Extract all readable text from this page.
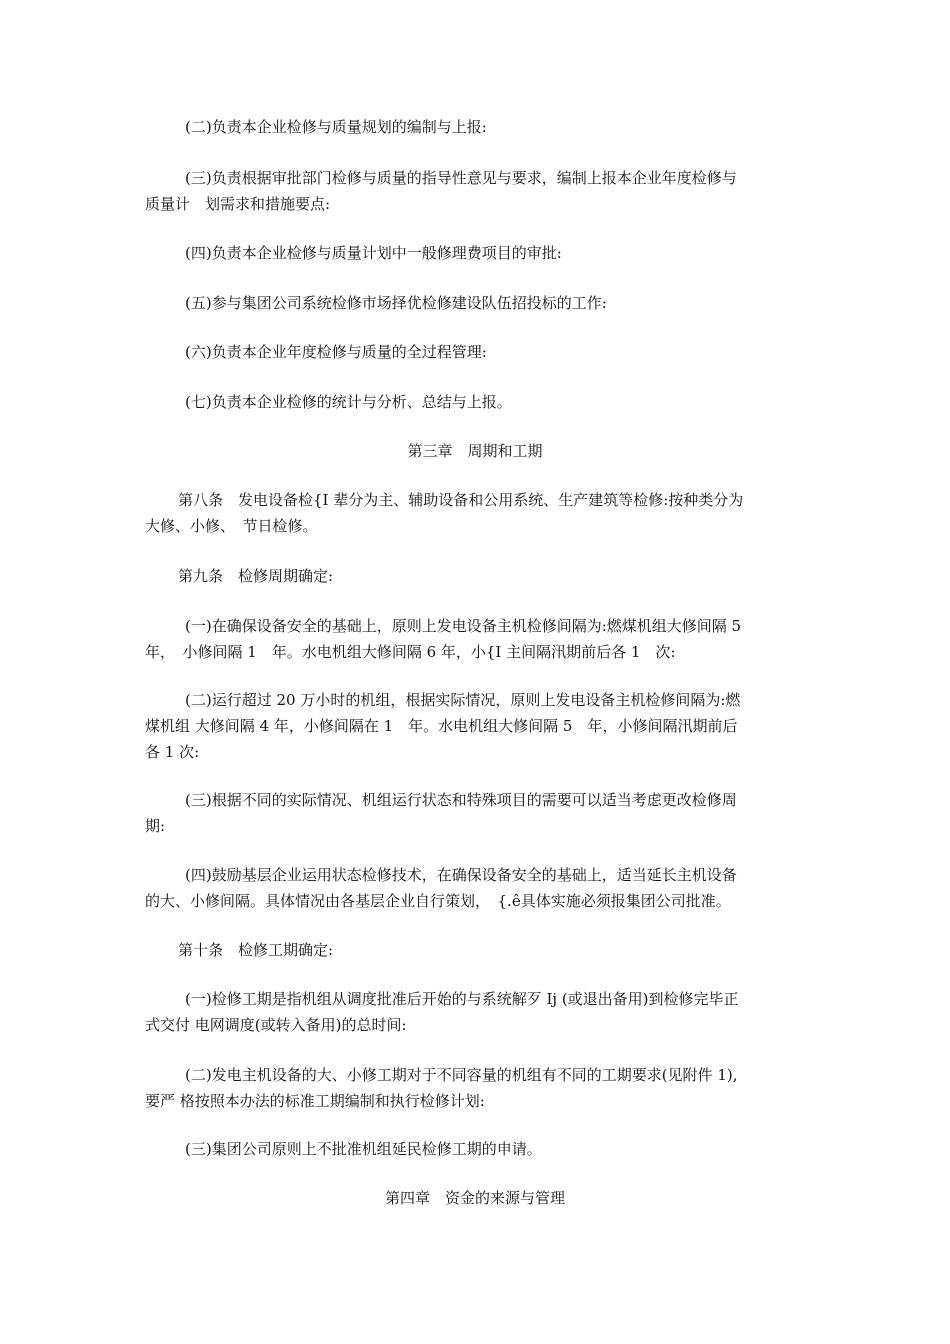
(二)负责本企业检修与质量规划的编制与上报:

(三)负责根据审批部门检修与质量的指导性意见与要求，编制上报本企业年度检修与
质量计　划需求和措施要点:

(四)负责本企业检修与质量计划中一般修理费项目的审批:

(五)参与集团公司系统检修市场择优检修建设队伍招投标的工作:

(六)负责本企业年度检修与质量的全过程管理:

(七)负责本企业检修的统计与分析、总结与上报。

第三章　周期和工期

第八条　发电设备检{I 辈分为主、辅助设备和公用系统、生产建筑等检修:按种类分为
大修、小修、　节日检修。

第九条　检修周期确定:

(一)在确保设备安全的基础上，原则上发电设备主机检修间隔为:燃煤机组大修间隔 5
年，　小修间隔 1　年。水电机组大修间隔 6 年，小{I 主间隔汛期前后各 1　次:

(二)运行超过 20 万小时的机组，根据实际情况，原则上发电设备主机检修间隔为:燃
煤机组 大修间隔 4 年，小修间隔在 1　年。水电机组大修间隔 5　年，小修间隔汛期前后
各 1 次:

(三)根据不同的实际情况、机组运行状态和特殊项目的需要可以适当考虑更改检修周
期:

(四)鼓励基层企业运用状态检修技术，在确保设备安全的基础上，适当延长主机设备
的大、小修间隔。具体情况由各基层企业自行策划，　{.ê具体实施必须报集团公司批准。

第十条　检修工期确定:

(一)检修工期是指机组从调度批准后开始的与系统解歹 Ij (或退出备用)到检修完毕正
式交付 电网调度(或转入备用)的总时间:

(二)发电主机设备的大、小修工期对于不同容量的机组有不同的工期要求(见附件 1),
要严 格按照本办法的标准工期编制和执行检修计划:

(三)集团公司原则上不批准机组延民检修工期的申请。

第四章　资金的来源与管理
